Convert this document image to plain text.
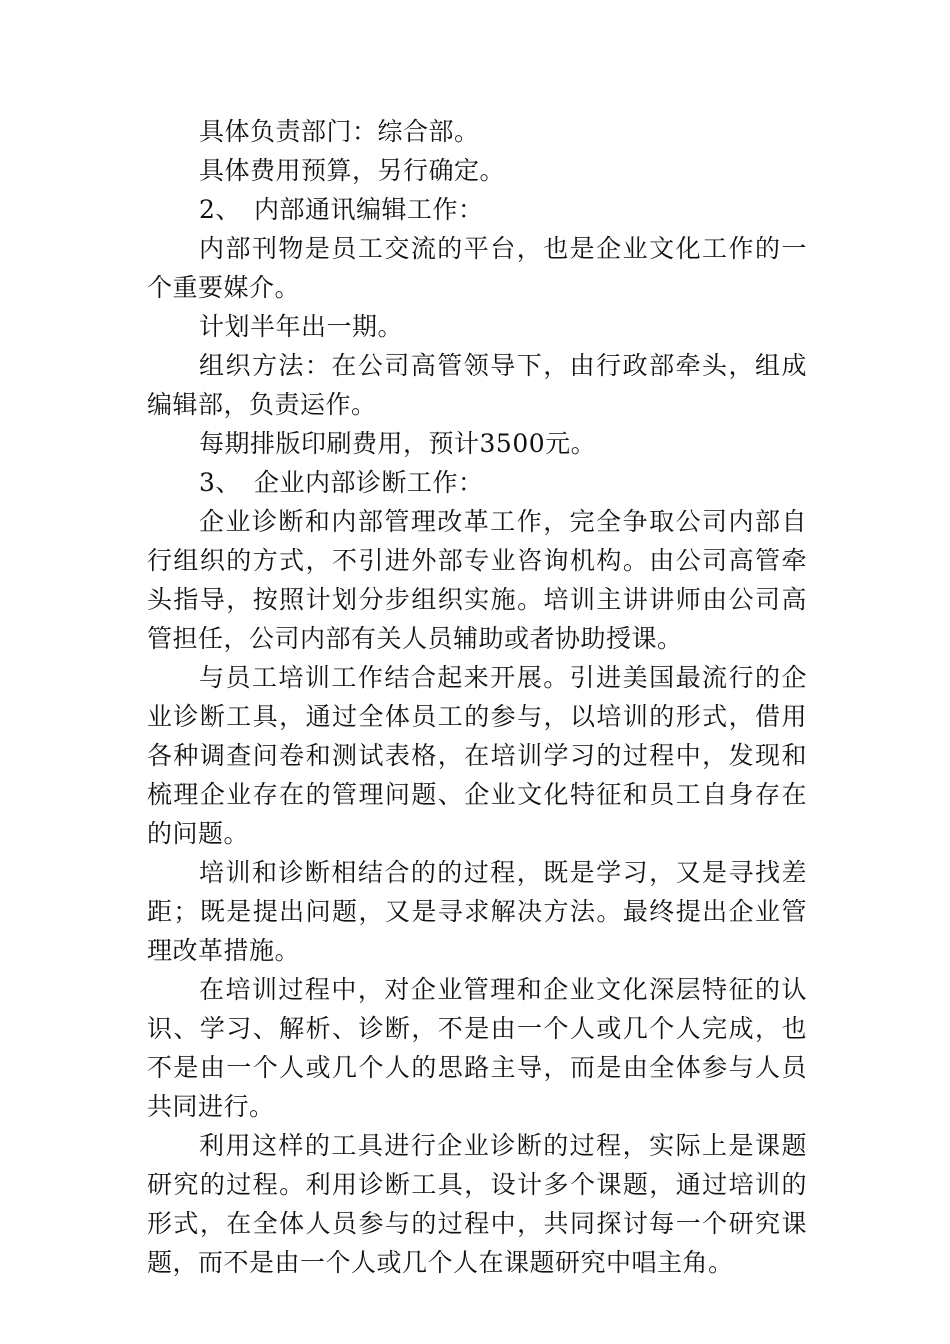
具体负责部门：综合部。

具体费用预算，另行确定。

2、 内部通讯编辑工作：

内部刊物是员工交流的平台，也是企业文化工作的一个重要媒介。

计划半年出一期。

组织方法：在公司高管领导下，由行政部牵头，组成编辑部，负责运作。

每期排版印刷费用，预计3500元。

3、 企业内部诊断工作：

企业诊断和内部管理改革工作，完全争取公司内部自行组织的方式，不引进外部专业咨询机构。由公司高管牵头指导，按照计划分步组织实施。培训主讲讲师由公司高管担任，公司内部有关人员辅助或者协助授课。

与员工培训工作结合起来开展。引进美国最流行的企业诊断工具，通过全体员工的参与，以培训的形式，借用各种调查问卷和测试表格，在培训学习的过程中，发现和梳理企业存在的管理问题、企业文化特征和员工自身存在的问题。

培训和诊断相结合的的过程，既是学习，又是寻找差距；既是提出问题，又是寻求解决方法。最终提出企业管理改革措施。

在培训过程中，对企业管理和企业文化深层特征的认识、学习、解析、诊断，不是由一个人或几个人完成，也不是由一个人或几个人的思路主导，而是由全体参与人员共同进行。

利用这样的工具进行企业诊断的过程，实际上是课题研究的过程。利用诊断工具，设计多个课题，通过培训的形式，在全体人员参与的过程中，共同探讨每一个研究课题，而不是由一个人或几个人在课题研究中唱主角。
